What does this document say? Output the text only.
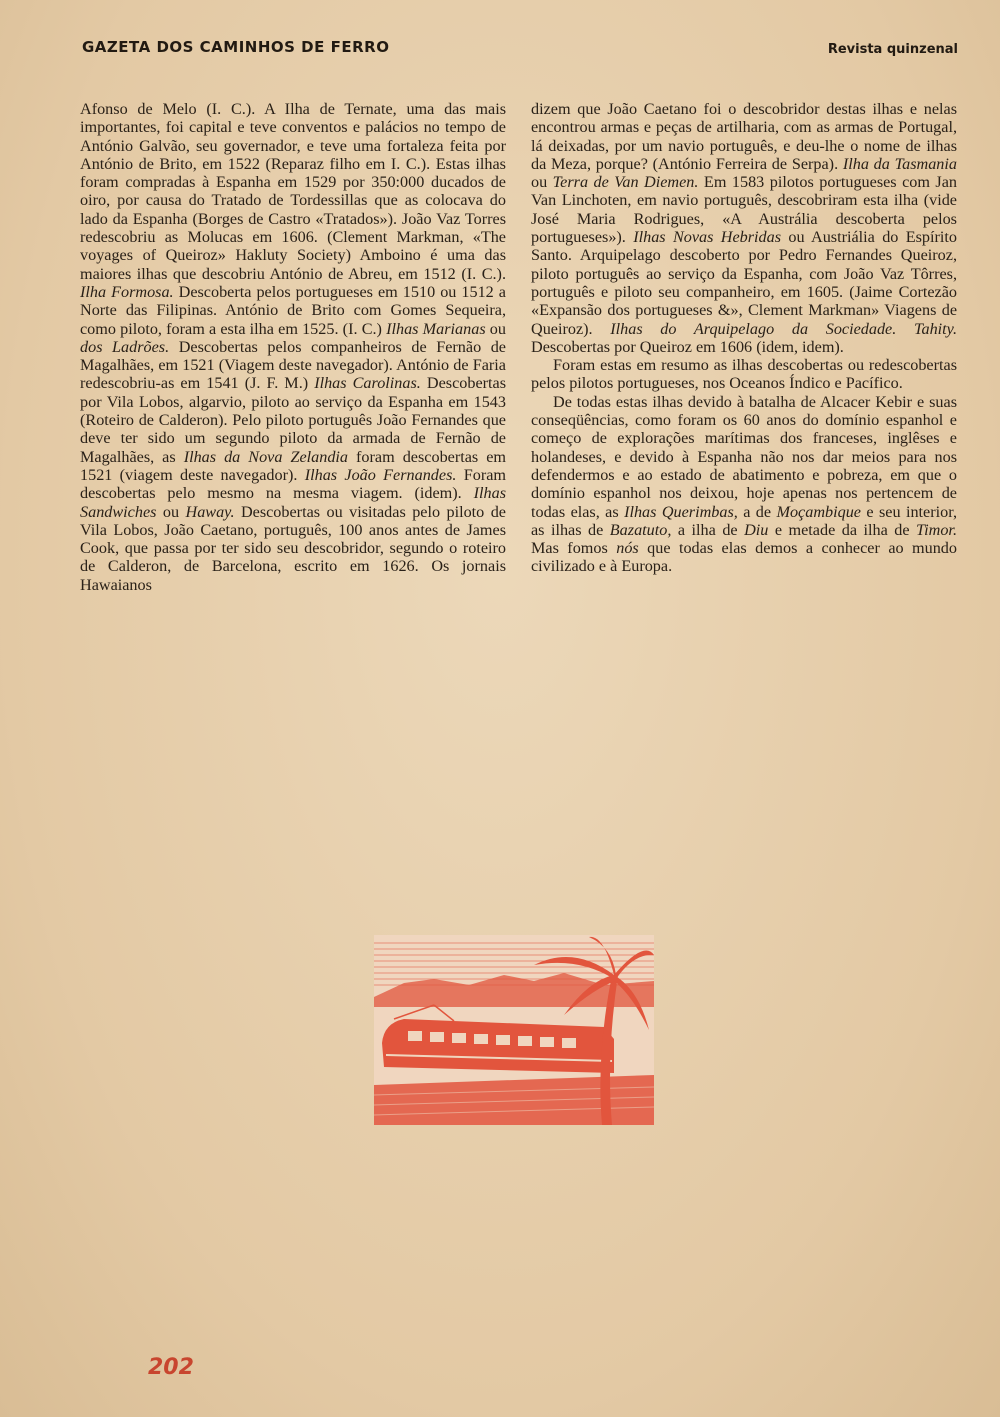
GAZETA DOS CAMINHOS DE FERRO	Revista quinzenal

Afonso de Melo (I. C.). A Ilha de Ternate, uma das mais importantes, foi capital e teve conventos e palácios no tempo de António Galvão, seu governador, e teve uma fortaleza feita por António de Brito, em 1522 (Reparaz filho em I. C.). Estas ilhas foram compradas à Espanha em 1529 por 350:000 ducados de oiro, por causa do Tratado de Tordessillas que as colocava do lado da Espanha (Borges de Castro «Tratados»). João Vaz Torres redescobriu as Molucas em 1606. (Clement Markman, «The voyages of Queiroz» Hakluty Society) Amboino é uma das maiores ilhas que descobriu António de Abreu, em 1512 (I. C.). Ilha Formosa. Descoberta pelos portugueses em 1510 ou 1512 a Norte das Filipinas. António de Brito com Gomes Sequeira, como piloto, foram a esta ilha em 1525. (I. C.) Ilhas Marianas ou dos Ladrões. Descobertas pelos companheiros de Fernão de Magalhães, em 1521 (Viagem deste navegador). António de Faria redescobriu-as em 1541 (J. F. M.) Ilhas Carolinas. Descobertas por Vila Lobos, algarvio, piloto ao serviço da Espanha em 1543 (Roteiro de Calderon). Pelo piloto português João Fernandes que deve ter sido um segundo piloto da armada de Fernão de Magalhães, as Ilhas da Nova Zelandia foram descobertas em 1521 (viagem deste navegador). Ilhas João Fernandes. Foram descobertas pelo mesmo na mesma viagem. (idem). Ilhas Sandwiches ou Haway. Descobertas ou visitadas pelo piloto de Vila Lobos, João Caetano, português, 100 anos antes de James Cook, que passa por ter sido seu descobridor, segundo o roteiro de Calderon, de Barcelona, escrito em 1626. Os jornais Hawaianos

dizem que João Caetano foi o descobridor destas ilhas e nelas encontrou armas e peças de artilharia, com as armas de Portugal, lá deixadas, por um navio português, e deu-lhe o nome de ilhas da Meza, porque? (António Ferreira de Serpa). Ilha da Tasmania ou Terra de Van Diemen. Em 1583 pilotos portugueses com Jan Van Linchoten, em navio português, descobriram esta ilha (vide José Maria Rodrigues, «A Austrália descoberta pelos portugueses»). Ilhas Novas Hebridas ou Austriália do Espírito Santo. Arquipelago descoberto por Pedro Fernandes Queiroz, piloto português ao serviço da Espanha, com João Vaz Tôrres, português e piloto seu companheiro, em 1605. (Jaime Cortezão «Expansão dos portugueses &», Clement Markman» Viagens de Queiroz). Ilhas do Arquipelago da Sociedade. Tahity. Descobertas por Queiroz em 1606 (idem, idem).

Foram estas em resumo as ilhas descobertas ou redescobertas pelos pilotos portugueses, nos Oceanos Índico e Pacífico.

De todas estas ilhas devido à batalha de Alcacer Kebir e suas conseqüências, como foram os 60 anos do domínio espanhol e começo de explorações marítimas dos franceses, inglêses e holandeses, e devido à Espanha não nos dar meios para nos defendermos e ao estado de abatimento e pobreza, em que o domínio espanhol nos deixou, hoje apenas nos pertencem de todas elas, as Ilhas Querimbas, a de Moçambique e seu interior, as ilhas de Bazatuto, a ilha de Diu e metade da ilha de Timor. Mas fomos nós que todas elas demos a conhecer ao mundo civilizado e à Europa.

202
